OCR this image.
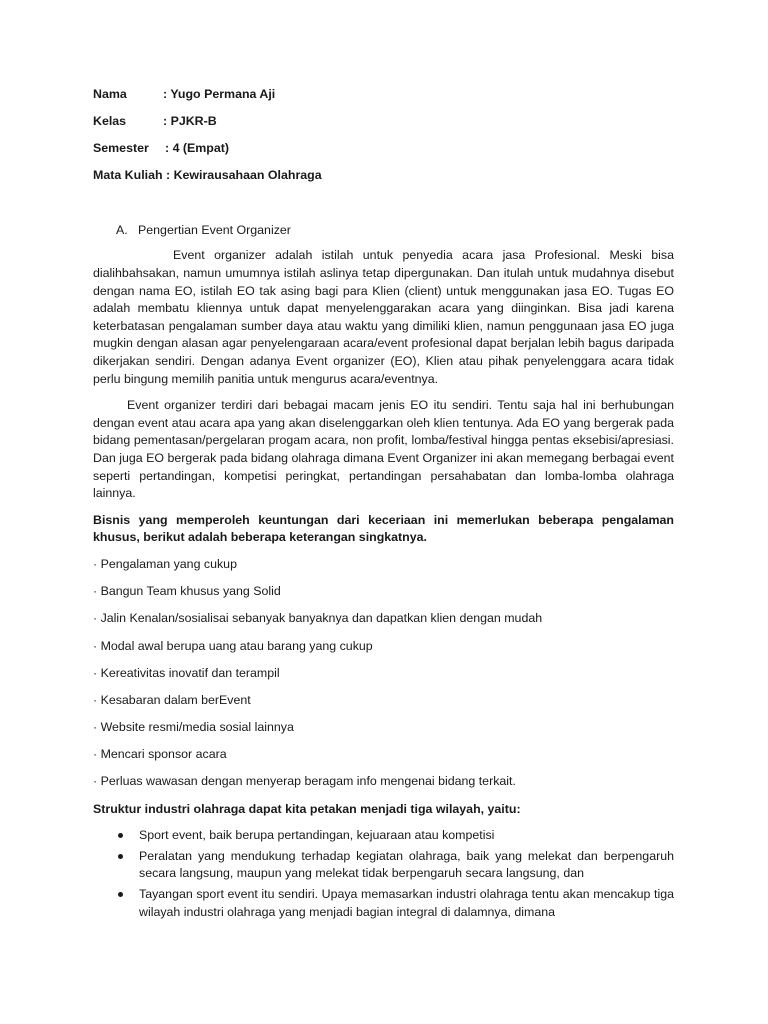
Nama	: Yugo Permana Aji
Kelas	: PJKR-B
Semester : 4 (Empat)
Mata Kuliah : Kewirausahaan Olahraga
A. Pengertian Event Organizer

Event organizer adalah istilah untuk penyedia acara jasa Profesional. Meski bisa dialihbahsakan, namun umumnya istilah aslinya tetap dipergunakan. Dan itulah untuk mudahnya disebut dengan nama EO, istilah EO tak asing bagi para Klien (client) untuk menggunakan jasa EO. Tugas EO adalah membatu kliennya untuk dapat menyelenggarakan acara yang diinginkan. Bisa jadi karena keterbatasan pengalaman sumber daya atau waktu yang dimiliki klien, namun penggunaan jasa EO juga mugkin dengan alasan agar penyelengaraan acara/event profesional dapat berjalan lebih bagus daripada dikerjakan sendiri. Dengan adanya Event organizer (EO), Klien atau pihak penyelenggara acara tidak perlu bingung memilih panitia untuk mengurus acara/eventnya.

Event organizer terdiri dari bebagai macam jenis EO itu sendiri. Tentu saja hal ini berhubungan dengan event atau acara apa yang akan diselenggarkan oleh klien tentunya. Ada EO yang bergerak pada bidang pementasan/pergelaran progam acara, non profit, lomba/festival hingga pentas eksebisi/apresiasi. Dan juga EO bergerak pada bidang olahraga dimana Event Organizer ini akan memegang berbagai event seperti pertandingan, kompetisi peringkat, pertandingan persahabatan dan lomba-lomba olahraga lainnya.

Bisnis yang memperoleh keuntungan dari keceriaan ini memerlukan beberapa pengalaman khusus, berikut adalah beberapa keterangan singkatnya.

· Pengalaman yang cukup
· Bangun Team khusus yang Solid
· Jalin Kenalan/sosialisai sebanyak banyaknya dan dapatkan klien dengan mudah
· Modal awal berupa uang atau barang yang cukup
· Kereativitas inovatif dan terampil
· Kesabaran dalam berEvent
· Website resmi/media sosial lainnya
· Mencari sponsor acara
· Perluas wawasan dengan menyerap beragam info mengenai bidang terkait.

Struktur industri olahraga dapat kita petakan menjadi tiga wilayah, yaitu:

Sport event, baik berupa pertandingan, kejuaraan atau kompetisi
Peralatan yang mendukung terhadap kegiatan olahraga, baik yang melekat dan berpengaruh secara langsung, maupun yang melekat tidak berpengaruh secara langsung, dan
Tayangan sport event itu sendiri. Upaya memasarkan industri olahraga tentu akan mencakup tiga wilayah industri olahraga yang menjadi bagian integral di dalamnya, dimana
